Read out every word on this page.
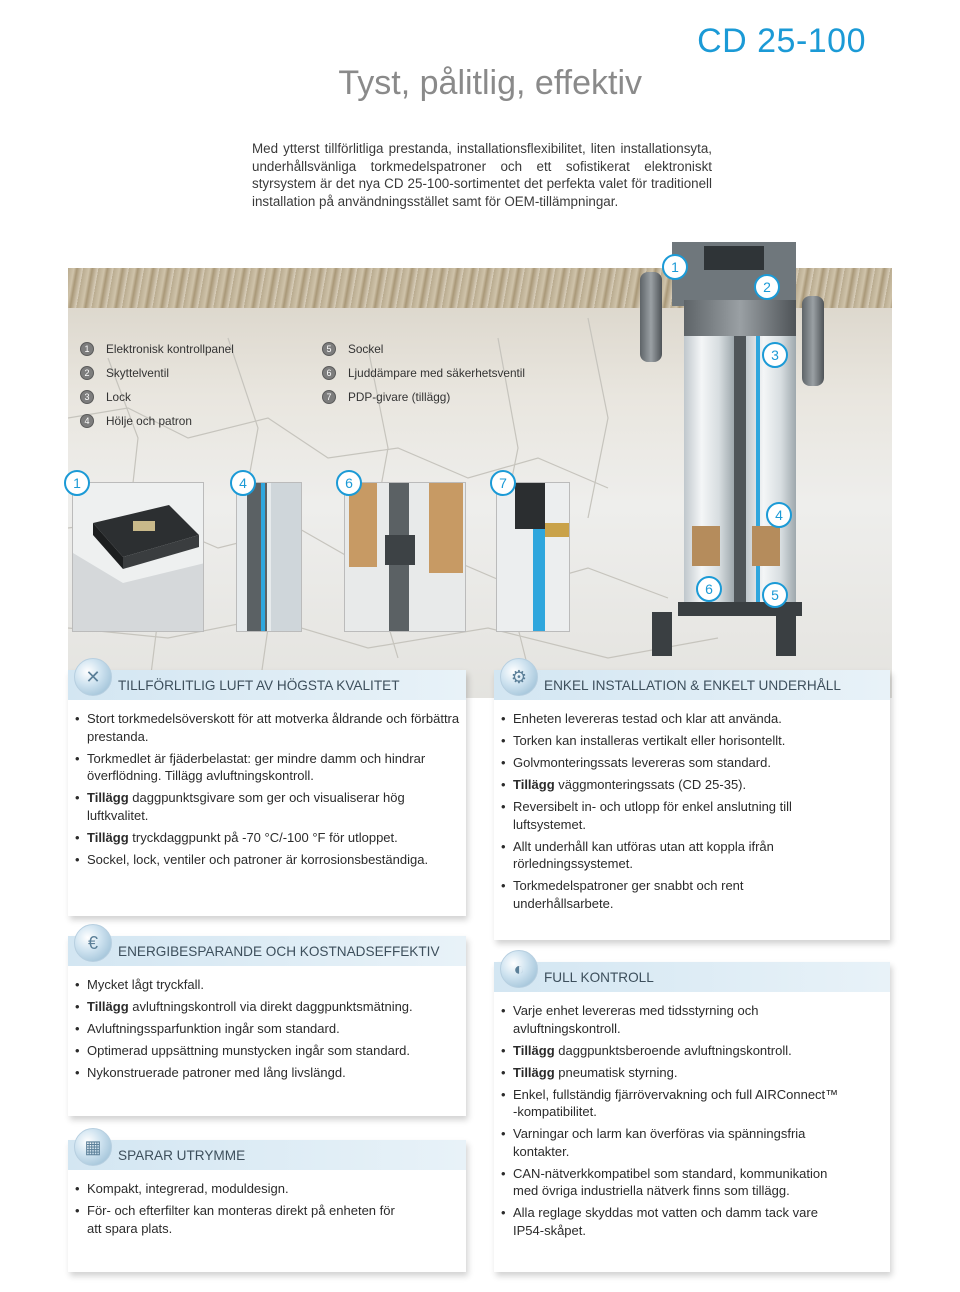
CD 25-100
Tyst, pålitlig, effektiv

Med ytterst tillförlitliga prestanda, installationsflexibilitet, liten installationsyta, underhållsvänliga torkmedelspatroner och ett sofistikerat elektroniskt styrsystem är det nya CD 25-100-sortimentet det perfekta valet för traditionell installation på användningsstället samt för OEM-tillämpningar.

1	Elektronisk kontrollpanel
2	Skyttelventil
3	Lock
4	Hölje och patron
5	Sockel
6	Ljuddämpare med säkerhetsventil
7	PDP-givare (tillägg)
1
2
3
4
6	5
1	4	6	7
✕	TILLFÖRLITLIG LUFT AV HÖGSTA KVALITET
• Stort torkmedelsöverskott för att motverka åldrande och förbättra prestanda.
• Torkmedlet är fjäderbelastat: ger mindre damm och hindrar överflödning. Tillägg avluftningskontroll.
• Tillägg daggpunktsgivare som ger och visualiserar hög luftkvalitet.
• Tillägg tryckdaggpunkt på -70 °C/-100 °F för utloppet.
• Sockel, lock, ventiler och patroner är korrosionsbeständiga.
⚙	ENKEL INSTALLATION & ENKELT UNDERHÅLL
• Enheten levereras testad och klar att använda.
• Torken kan installeras vertikalt eller horisontellt.
• Golvmonteringssats levereras som standard.
• Tillägg väggmonteringssats (CD 25-35).
• Reversibelt in- och utlopp för enkel anslutning till luftsystemet.
• Allt underhåll kan utföras utan att koppla ifrån rörledningssystemet.
• Torkmedelspatroner ger snabbt och rent underhållsarbete.
€	ENERGIBESPARANDE OCH KOSTNADSEFFEKTIV
• Mycket lågt tryckfall.
• Tillägg avluftningskontroll via direkt daggpunktsmätning.
• Avluftningssparfunktion ingår som standard.
• Optimerad uppsättning munstycken ingår som standard.
• Nykonstruerade patroner med lång livslängd.
◐	FULL KONTROLL
• Varje enhet levereras med tidsstyrning och avluftningskontroll.
• Tillägg daggpunktsberoende avluftningskontroll.
• Tillägg pneumatisk styrning.
• Enkel, fullständig fjärrövervakning och full AIRConnect™ -kompatibilitet.
• Varningar och larm kan överföras via spänningsfria kontakter.
• CAN-nätverkkompatibel som standard, kommunikation med övriga industriella nätverk finns som tillägg.
• Alla reglage skyddas mot vatten och damm tack vare IP54-skåpet.
▦	SPARAR UTRYMME
• Kompakt, integrerad, moduldesign.
• För- och efterfilter kan monteras direkt på enheten för att spara plats.
